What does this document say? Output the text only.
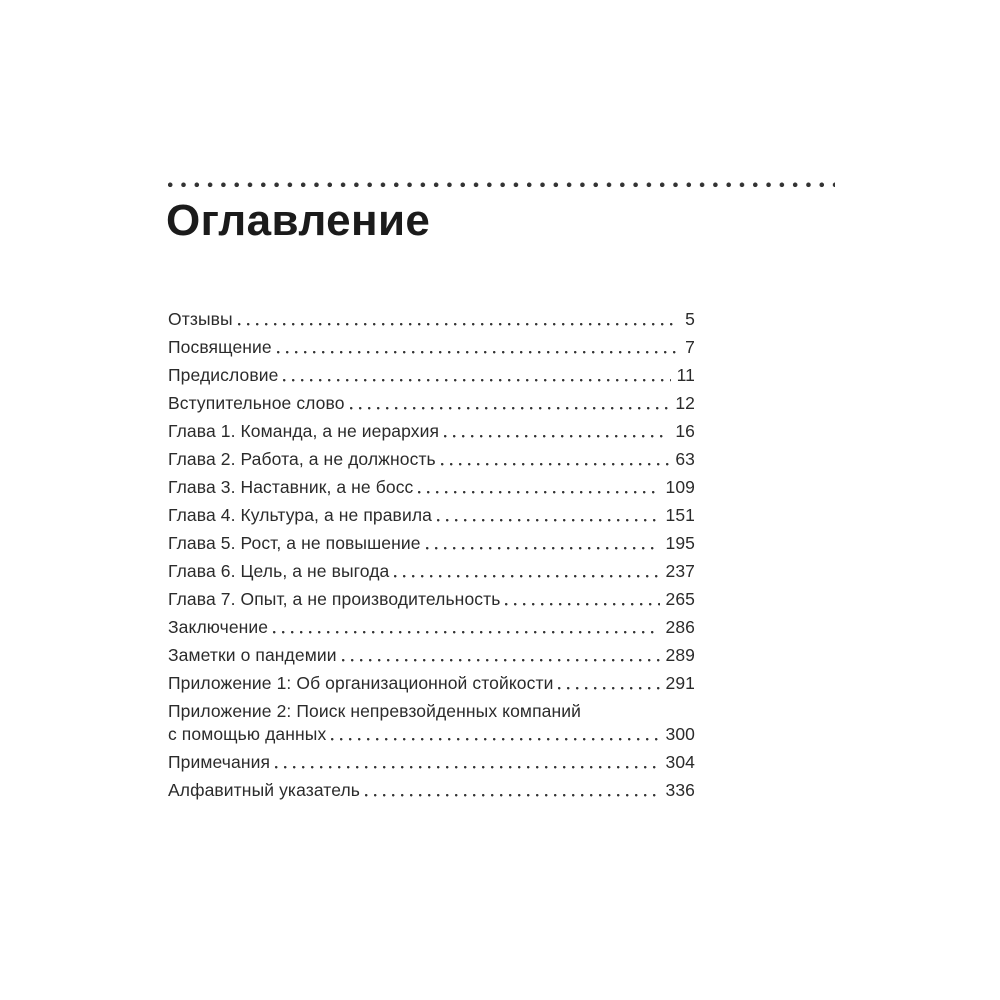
Оглавление
Отзывы	5
Посвящение	7
Предисловие	11
Вступительное слово	12
Глава 1. Команда, а не иерархия	16
Глава 2. Работа, а не должность	63
Глава 3. Наставник, а не босс	109
Глава 4. Культура, а не правила	151
Глава 5. Рост, а не повышение	195
Глава 6. Цель, а не выгода	237
Глава 7. Опыт, а не производительность	265
Заключение	286
Заметки о пандемии	289
Приложение 1: Об организационной стойкости	291
Приложение 2: Поиск непревзойденных компаний
с помощью данных	300
Примечания	304
Алфавитный указатель	336
